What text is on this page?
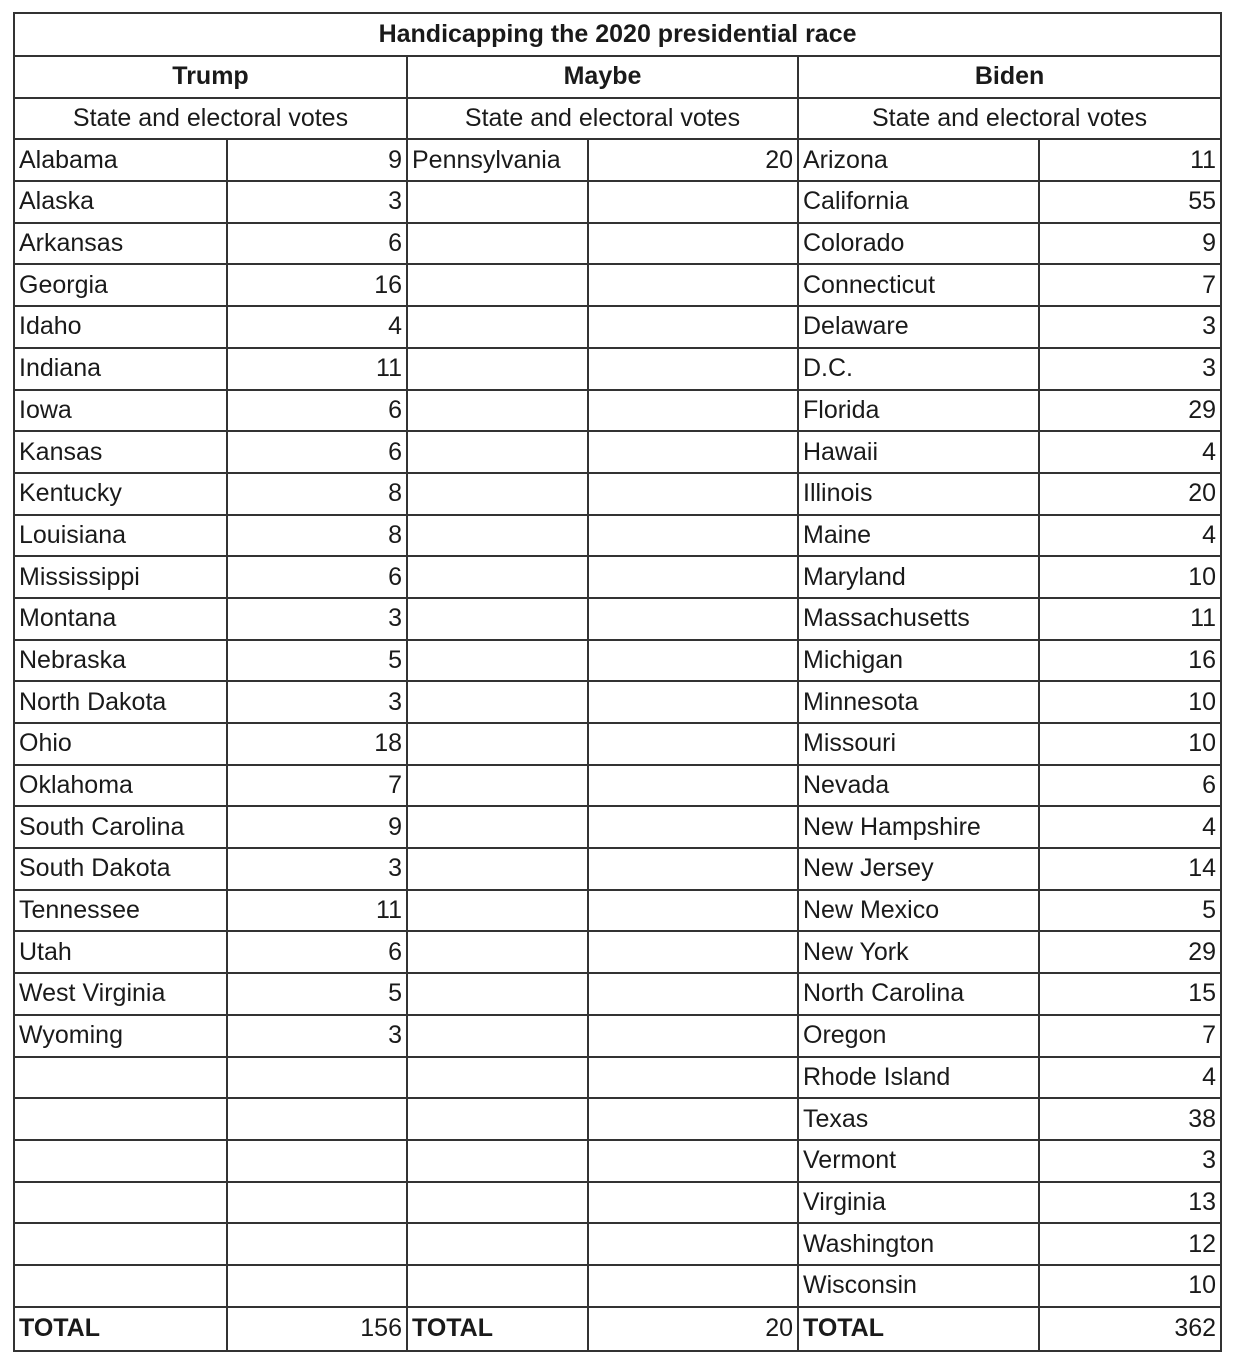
Handicapping the 2020 presidential race					
Trump		Maybe		Biden	
State and electoral votes		State and electoral votes		State and electoral votes	
Alabama	9	Pennsylvania	20	Arizona	11
Alaska	3			California	55
Arkansas	6			Colorado	9
Georgia	16			Connecticut	7
Idaho	4			Delaware	3
Indiana	11			D.C.	3
Iowa	6			Florida	29
Kansas	6			Hawaii	4
Kentucky	8			Illinois	20
Louisiana	8			Maine	4
Mississippi	6			Maryland	10
Montana	3			Massachusetts	11
Nebraska	5			Michigan	16
North Dakota	3			Minnesota	10
Ohio	18			Missouri	10
Oklahoma	7			Nevada	6
South Carolina	9			New Hampshire	4
South Dakota	3			New Jersey	14
Tennessee	11			New Mexico	5
Utah	6			New York	29
West Virginia	5			North Carolina	15
Wyoming	3			Oregon	7
				Rhode Island	4
				Texas	38
				Vermont	3
				Virginia	13
				Washington	12
				Wisconsin	10
TOTAL	156	TOTAL	20	TOTAL	362
